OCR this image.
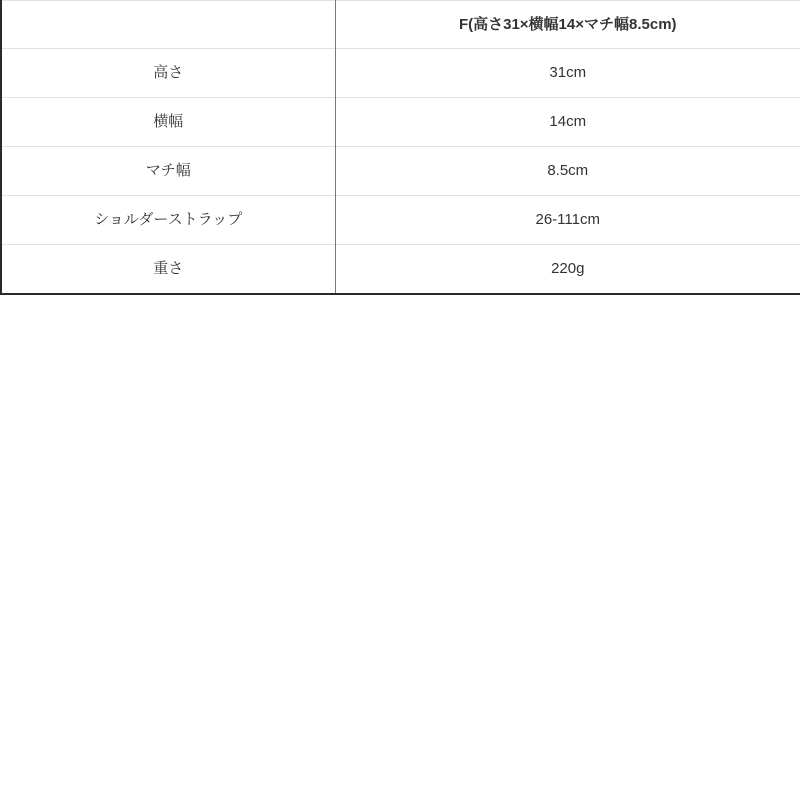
	F(高さ31×横幅14×マチ幅8.5cm)
高さ	31cm
横幅	14cm
マチ幅	8.5cm
ショルダーストラップ	26-111cm
重さ	220g
